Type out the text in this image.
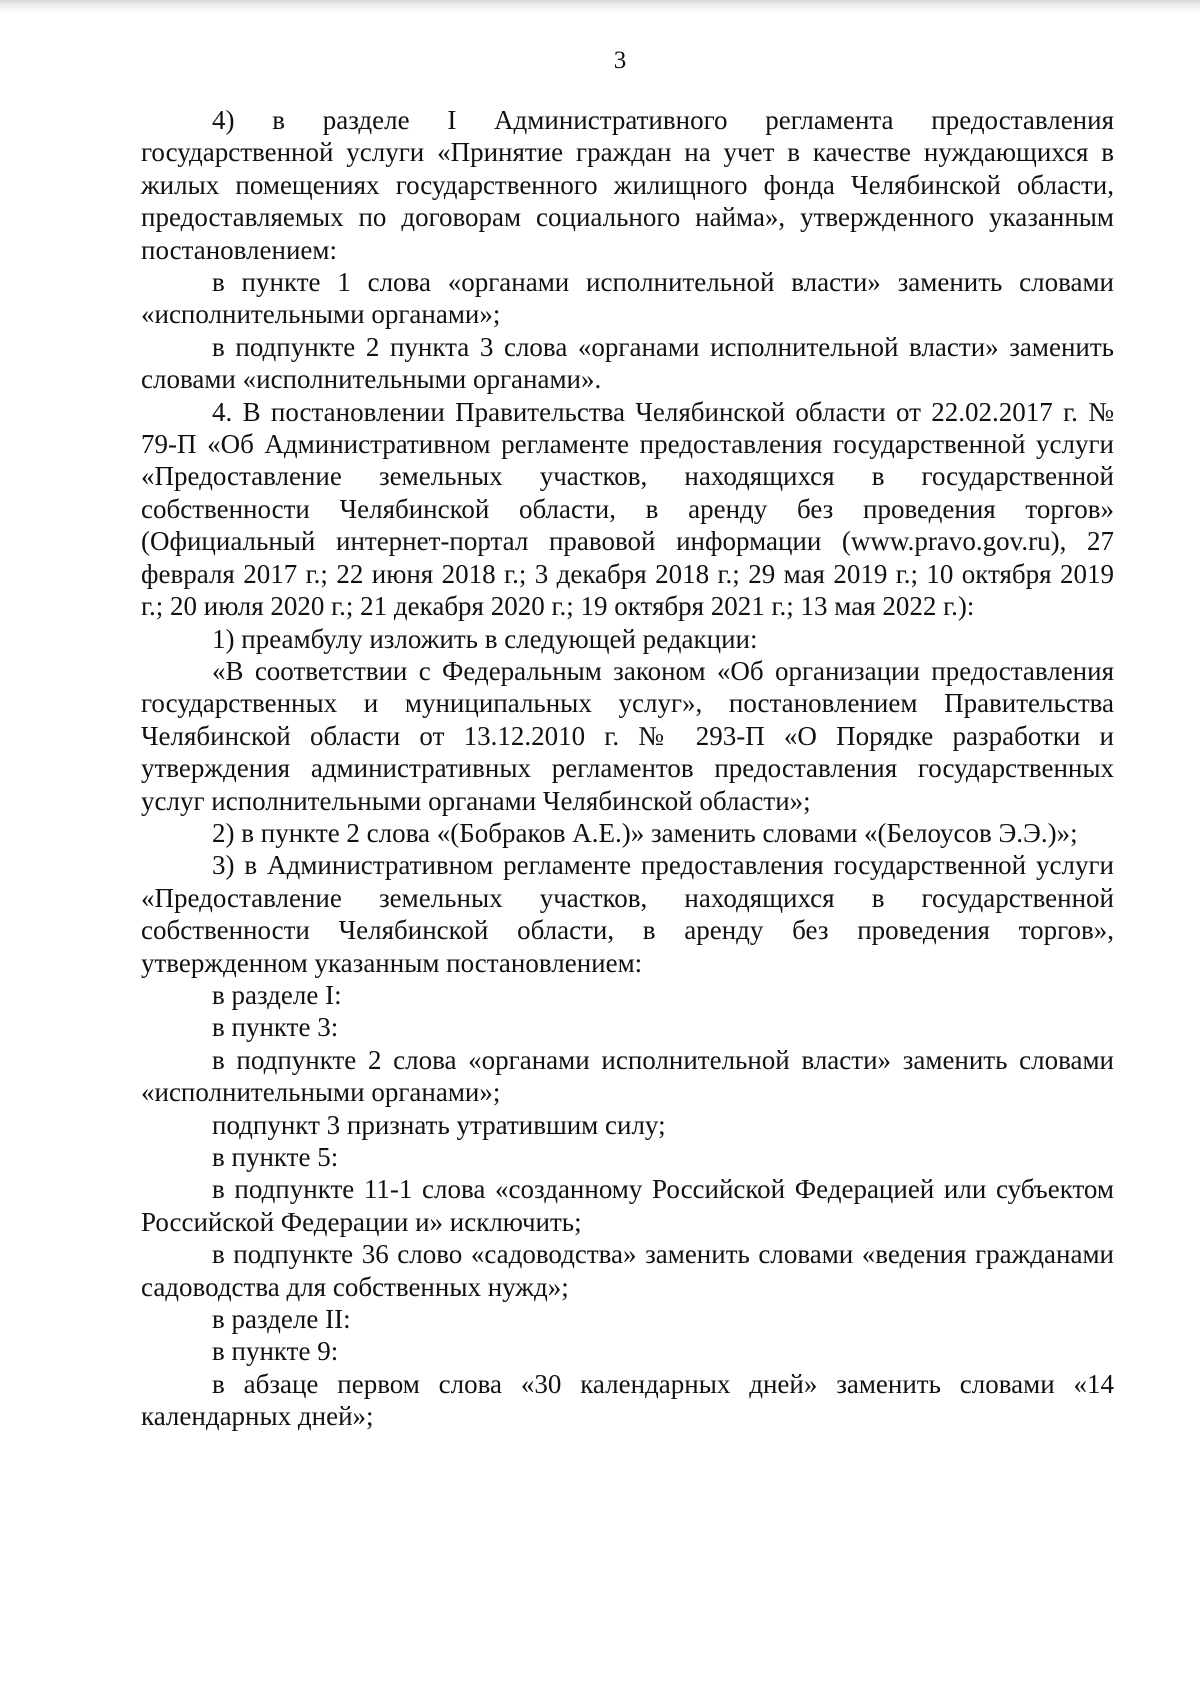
3

4) в разделе I Административного регламента предоставления государственной услуги «Принятие граждан на учет в качестве нуждающихся в жилых помещениях государственного жилищного фонда Челябинской области, предоставляемых по договорам социального найма», утвержденного указанным постановлением:

в пункте 1 слова «органами исполнительной власти» заменить словами «исполнительными органами»;

в подпункте 2 пункта 3 слова «органами исполнительной власти» заменить словами «исполнительными органами».

4. В постановлении Правительства Челябинской области от 22.02.2017 г. № 79-П «Об Административном регламенте предоставления государственной услуги «Предоставление земельных участков, находящихся в государственной собственности Челябинской области, в аренду без проведения торгов» (Официальный интернет-портал правовой информации (www.pravo.gov.ru), 27 февраля 2017 г.; 22 июня 2018 г.; 3 декабря 2018 г.; 29 мая 2019 г.; 10 октября 2019 г.; 20 июля 2020 г.; 21 декабря 2020 г.; 19 октября 2021 г.; 13 мая 2022 г.):

1) преамбулу изложить в следующей редакции:

«В соответствии с Федеральным законом «Об организации предоставления государственных и муниципальных услуг», постановлением Правительства Челябинской области от 13.12.2010 г. № 293-П «О Порядке разработки и утверждения административных регламентов предоставления государственных услуг исполнительными органами Челябинской области»;

2) в пункте 2 слова «(Бобраков А.Е.)» заменить словами «(Белоусов Э.Э.)»;

3) в Административном регламенте предоставления государственной услуги «Предоставление земельных участков, находящихся в государственной собственности Челябинской области, в аренду без проведения торгов», утвержденном указанным постановлением:

в разделе I:

в пункте 3:

в подпункте 2 слова «органами исполнительной власти» заменить словами «исполнительными органами»;

подпункт 3 признать утратившим силу;

в пункте 5:

в подпункте 11-1 слова «созданному Российской Федерацией или субъектом Российской Федерации и» исключить;

в подпункте 36 слово «садоводства» заменить словами «ведения гражданами садоводства для собственных нужд»;

в разделе II:

в пункте 9:

в абзаце первом слова «30 календарных дней» заменить словами «14 календарных дней»;
